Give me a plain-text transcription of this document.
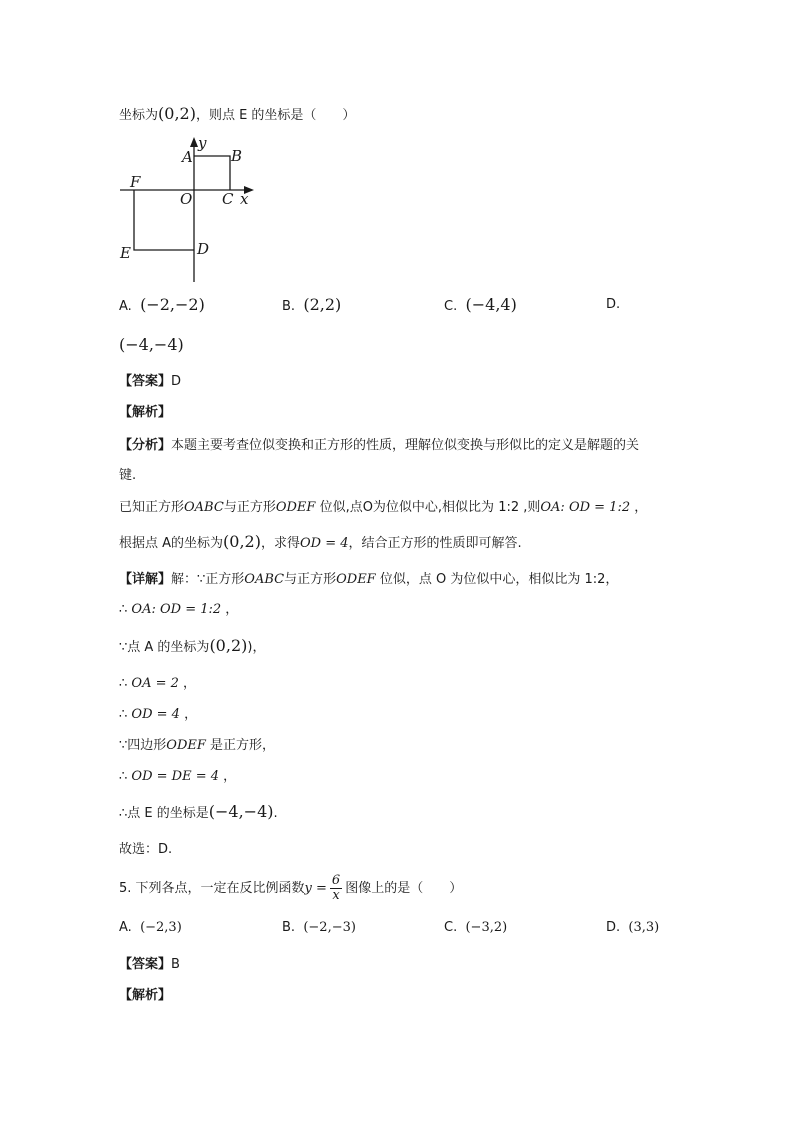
坐标为(0,2)，则点 E 的坐标是（　　）
y
A	B
C x
O
F
E	D
A. (−2,−2)	B. (2,2)	C. (−4,4)	D.
(−4,−4)
【答案】D
【解析】
【分析】本题主要考查位似变换和正方形的性质，理解位似变换与形似比的定义是解题的关
键.
已知正方形OABC与正方形ODEF 位似,点O为位似中心,相似比为 1:2 ,则OA: OD = 1:2 ，
根据点 A的坐标为(0,2)，求得OD = 4，结合正方形的性质即可解答.
【详解】解：∵正方形OABC与正方形ODEF 位似，点 O 为位似中心，相似比为 1:2，
∴ OA: OD = 1:2 ，
∵点 A 的坐标为(0,2))，
∴ OA = 2 ，
∴ OD = 4 ，
∵四边形ODEF 是正方形，
∴ OD = DE = 4 ，
∴点 E 的坐标是(−4,−4).
故选：D.
5. 下列各点，一定在反比例函数$y = \frac{6}{x}$ 图像上的是（　　）
A. (−2,3)	B. (−2,−3)	C. (−3,2)	D. (3,3)
【答案】B
【解析】
